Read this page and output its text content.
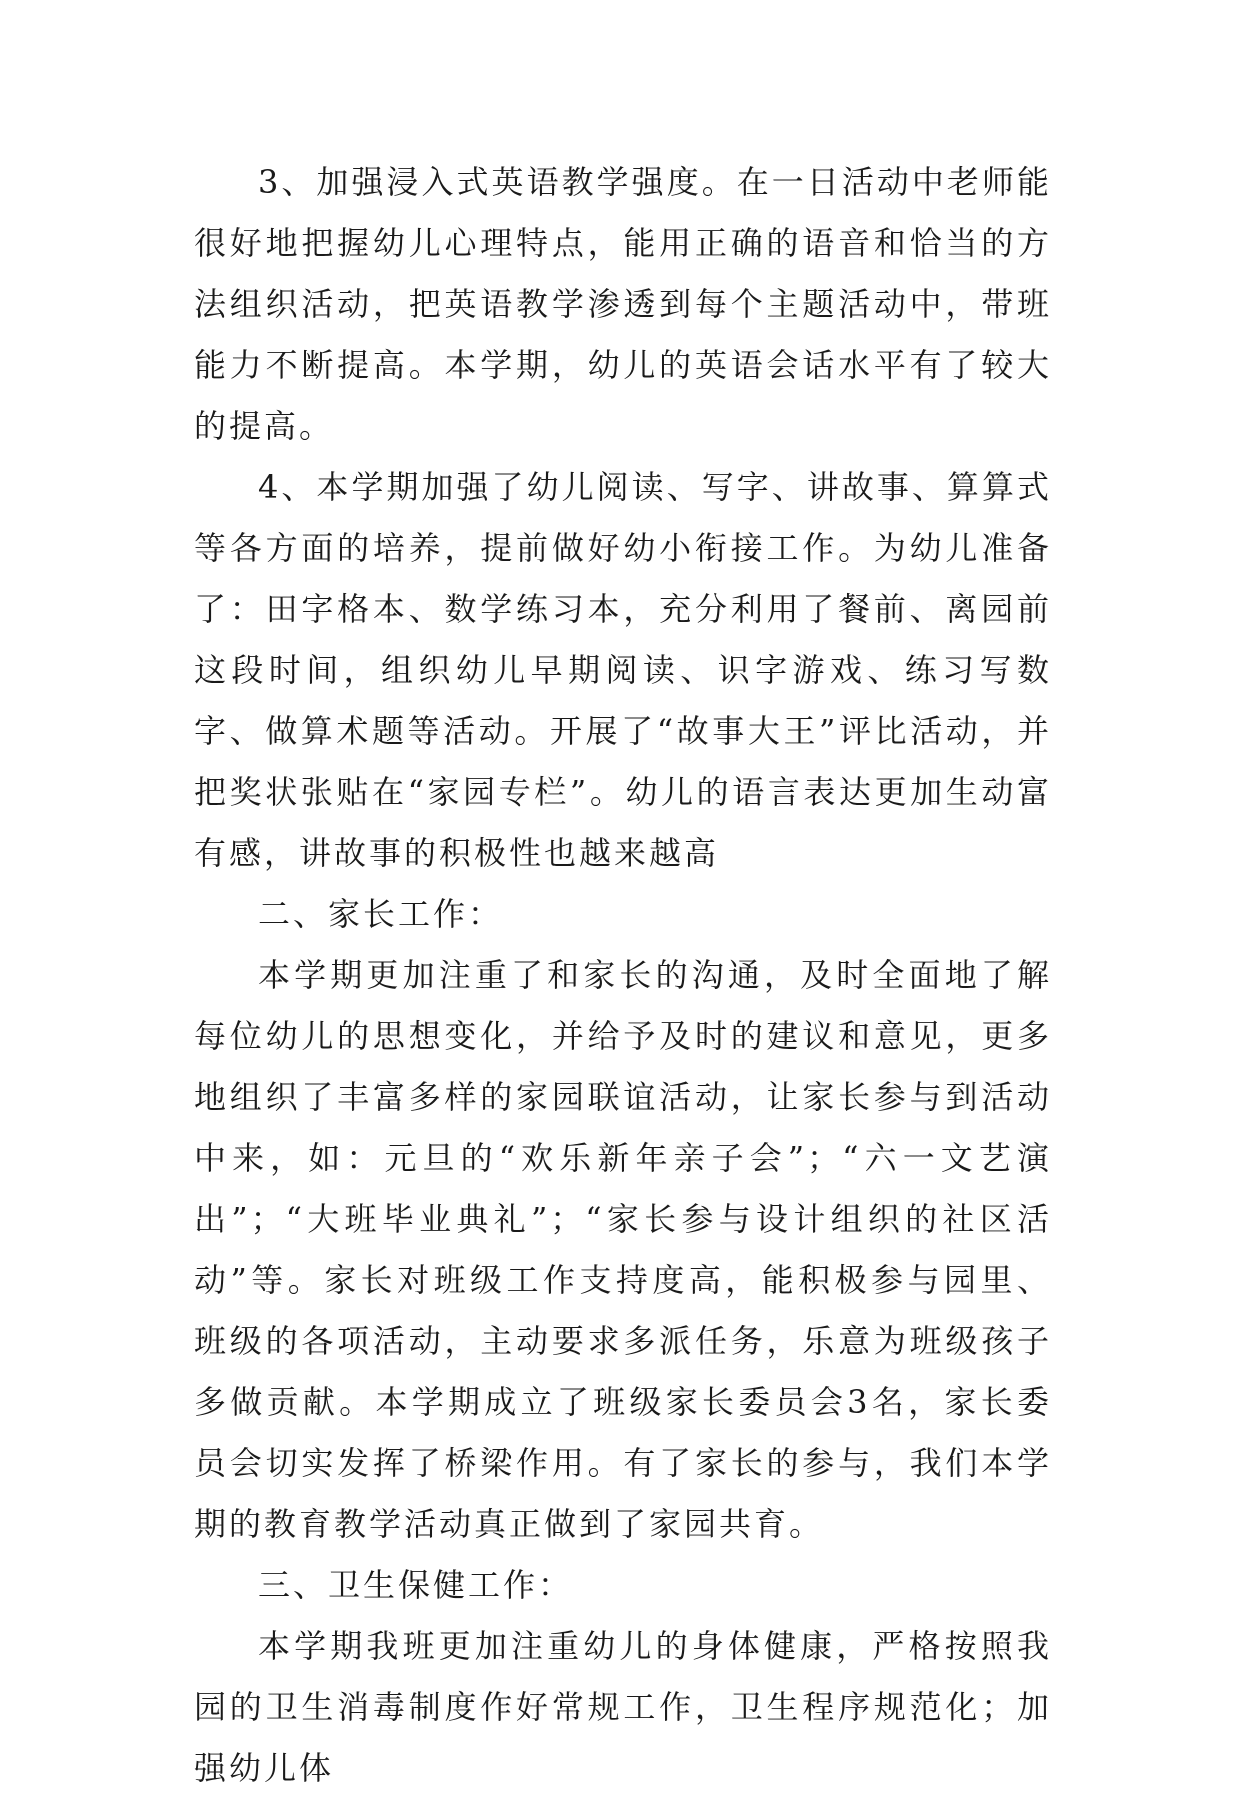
3、加强浸入式英语教学强度。在一日活动中老师能很好地把握幼儿心理特点，能用正确的语音和恰当的方法组织活动，把英语教学渗透到每个主题活动中，带班能力不断提高。本学期，幼儿的英语会话水平有了较大的提高。

4、本学期加强了幼儿阅读、写字、讲故事、算算式等各方面的培养，提前做好幼小衔接工作。为幼儿准备了：田字格本、数学练习本，充分利用了餐前、离园前这段时间，组织幼儿早期阅读、识字游戏、练习写数字、做算术题等活动。开展了“故事大王”评比活动，并把奖状张贴在“家园专栏”。幼儿的语言表达更加生动富有感，讲故事的积极性也越来越高

二、家长工作：

本学期更加注重了和家长的沟通，及时全面地了解每位幼儿的思想变化，并给予及时的建议和意见，更多地组织了丰富多样的家园联谊活动，让家长参与到活动中来，如：元旦的“欢乐新年亲子会”；“六一文艺演出”；“大班毕业典礼”；“家长参与设计组织的社区活动”等。家长对班级工作支持度高，能积极参与园里、班级的各项活动，主动要求多派任务，乐意为班级孩子多做贡献。本学期成立了班级家长委员会3名，家长委员会切实发挥了桥梁作用。有了家长的参与，我们本学期的教育教学活动真正做到了家园共育。

三、卫生保健工作：

本学期我班更加注重幼儿的身体健康，严格按照我园的卫生消毒制度作好常规工作，卫生程序规范化；加强幼儿体
